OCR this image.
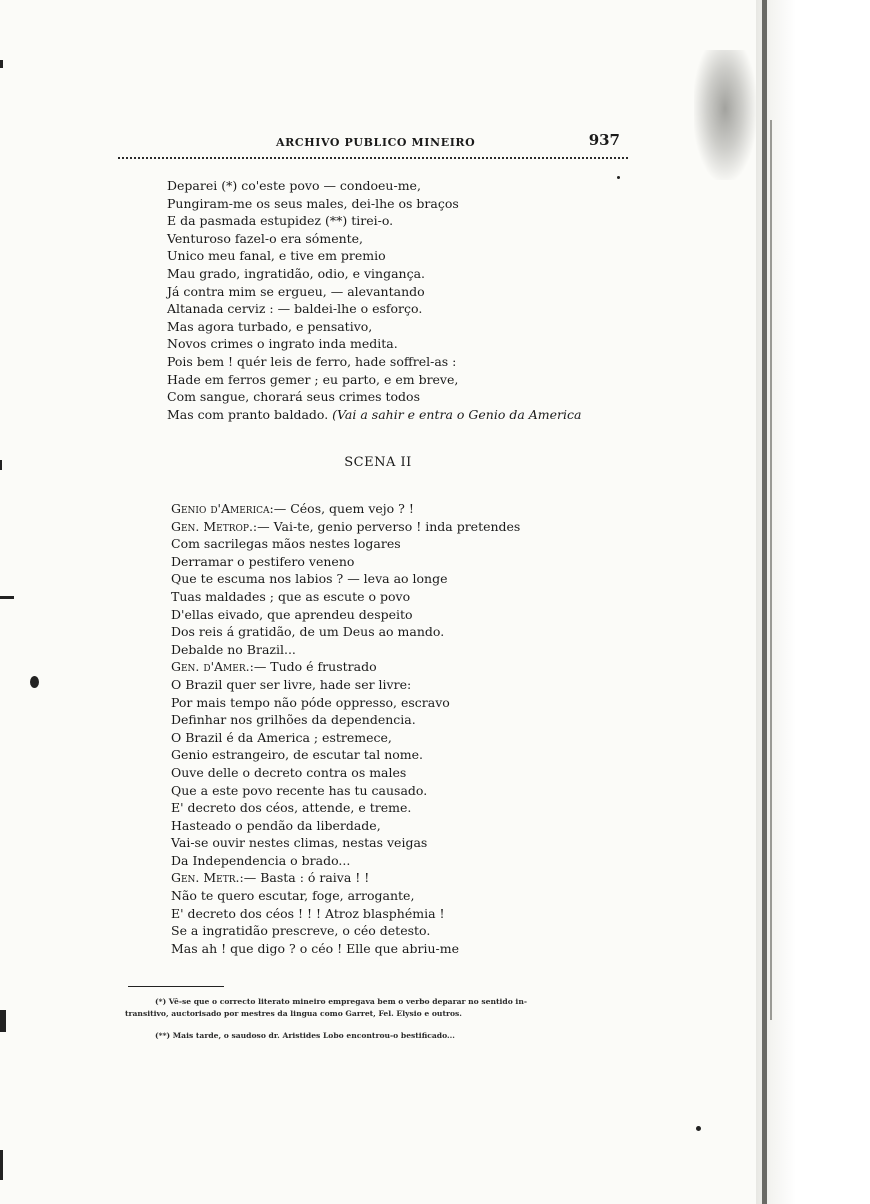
ARCHIVO PUBLICO MINEIRO	937
Deparei (*) co'este povo — condoeu-me,
Pungiram-me os seus males, dei-lhe os braços
E da pasmada estupidez (**) tirei-o.
Venturoso fazel-o era sómente,
Unico meu fanal, e tive em premio
Mau grado, ingratidão, odio, e vingança.
Já contra mim se ergueu, — alevantando
Altanada cerviz : — baldei-lhe o esforço.
Mas agora turbado, e pensativo,
Novos crimes o ingrato inda medita.
Pois bem ! quér leis de ferro, hade soffrel-as :
Hade em ferros gemer ; eu parto, e em breve,
Com sangue, chorará seus crimes todos
Mas com pranto baldado. (Vai a sahir e entra o Genio da America
SCENA II
Genio d'America:— Céos, quem vejo ? !
Gen. Metrop.:— Vai-te, genio perverso ! inda pretendes
Com sacrilegas mãos nestes logares
Derramar o pestifero veneno
Que te escuma nos labios ? — leva ao longe
Tuas maldades ; que as escute o povo
D'ellas eivado, que aprendeu despeito
Dos reis á gratidão, de um Deus ao mando.
Debalde no Brazil...
Gen. d'Amer.:— Tudo é frustrado
O Brazil quer ser livre, hade ser livre:
Por mais tempo não póde oppresso, escravo
Definhar nos grilhões da dependencia.
O Brazil é da America ; estremece,
Genio estrangeiro, de escutar tal nome.
Ouve delle o decreto contra os males
Que a este povo recente has tu causado.
E' decreto dos céos, attende, e treme.
Hasteado o pendão da liberdade,
Vai-se ouvir nestes climas, nestas veigas
Da Independencia o brado...
Gen. Metr.:— Basta : ó raiva ! !
Não te quero escutar, foge, arrogante,
E' decreto dos céos ! ! ! Atroz blasphémia !
Se a ingratidão prescreve, o céo detesto.
Mas ah ! que digo ? o céo ! Elle que abriu-me
(*) Vê-se que o correcto literato mineiro empregava bem o verbo deparar no sentido in-
transitivo, auctorisado por mestres da lingua como Garret, Fel. Elysio e outros.
(**) Mais tarde, o saudoso dr. Aristides Lobo encontrou-o bestificado...
